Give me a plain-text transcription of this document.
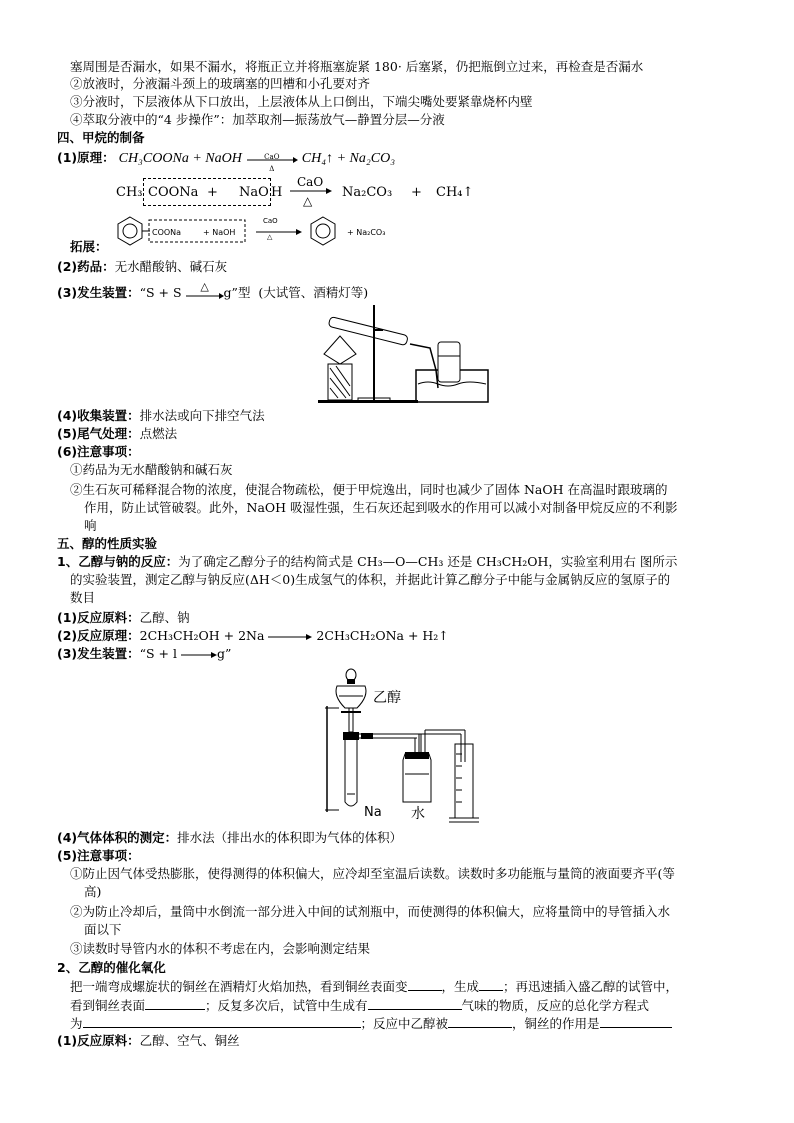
塞周围是否漏水，如果不漏水，将瓶正立并将瓶塞旋紧 180· 后塞紧，仍把瓶倒立过来，再检查是否漏水
②放液时，分液漏斗颈上的玻璃塞的凹槽和小孔要对齐
③分液时，下层液体从下口放出，上层液体从上口倒出，下端尖嘴处要紧靠烧杯内壁
④萃取分液中的“4 步操作”：加萃取剂—振荡放气—静置分层—分液
四、甲烷的制备
(1)原理： CH₃COONa + NaOH	CaO
Δ
CH₄↑ + Na₂CO₃
CH₃ COONa + NaO H
CaO
△
Na₂CO₃ + CH₄↑
COONa	+ NaOH
CaO
△	+ Na₂CO₃
拓展：
(2)药品：无水醋酸钠、碱石灰
(3)发生装置：“S + S	△	g”型 (大试管、酒精灯等)
(4)收集装置：排水法或向下排空气法
(5)尾气处理：点燃法
(6)注意事项：
①药品为无水醋酸钠和碱石灰
②生石灰可稀释混合物的浓度，使混合物疏松，便于甲烷逸出，同时也减少了固体 NaOH 在高温时跟玻璃的
作用，防止试管破裂。此外，NaOH 吸湿性强，生石灰还起到吸水的作用可以减小对制备甲烷反应的不利影
响
五、醇的性质实验
1、乙醇与钠的反应：为了确定乙醇分子的结构简式是 CH₃—O—CH₃ 还是 CH₃CH₂OH，实验室利用右 图所示
的实验装置，测定乙醇与钠反应(ΔH＜0)生成氢气的体积，并据此计算乙醇分子中能与金属钠反应的氢原子的
数目
(1)反应原料：乙醇、钠
(2)反应原理：2CH₃CH₂OH + 2Na	2CH₃CH₂ONa + H₂↑
(3)发生装置：“S + l	g”
乙醇
Na 水
(4)气体体积的测定：排水法（排出水的体积即为气体的体积）
(5)注意事项：
①防止因气体受热膨胀，使得测得的体积偏大，应冷却至室温后读数。读数时多功能瓶与量筒的液面要齐平(等
高)
②为防止冷却后，量筒中水倒流一部分进入中间的试剂瓶中，而使测得的体积偏大，应将量筒中的导管插入水
面以下
③读数时导管内水的体积不考虑在内，会影响测定结果
2、乙醇的催化氧化
把一端弯成螺旋状的铜丝在酒精灯火焰加热，看到铜丝表面变	，生成 ；再迅速插入盛乙醇的试管中，
看到铜丝表面	；反复多次后，试管中生成有	气味的物质，反应的总化学方程式
为	；反应中乙醇被	，铜丝的作用是
(1)反应原料：乙醇、空气、铜丝
